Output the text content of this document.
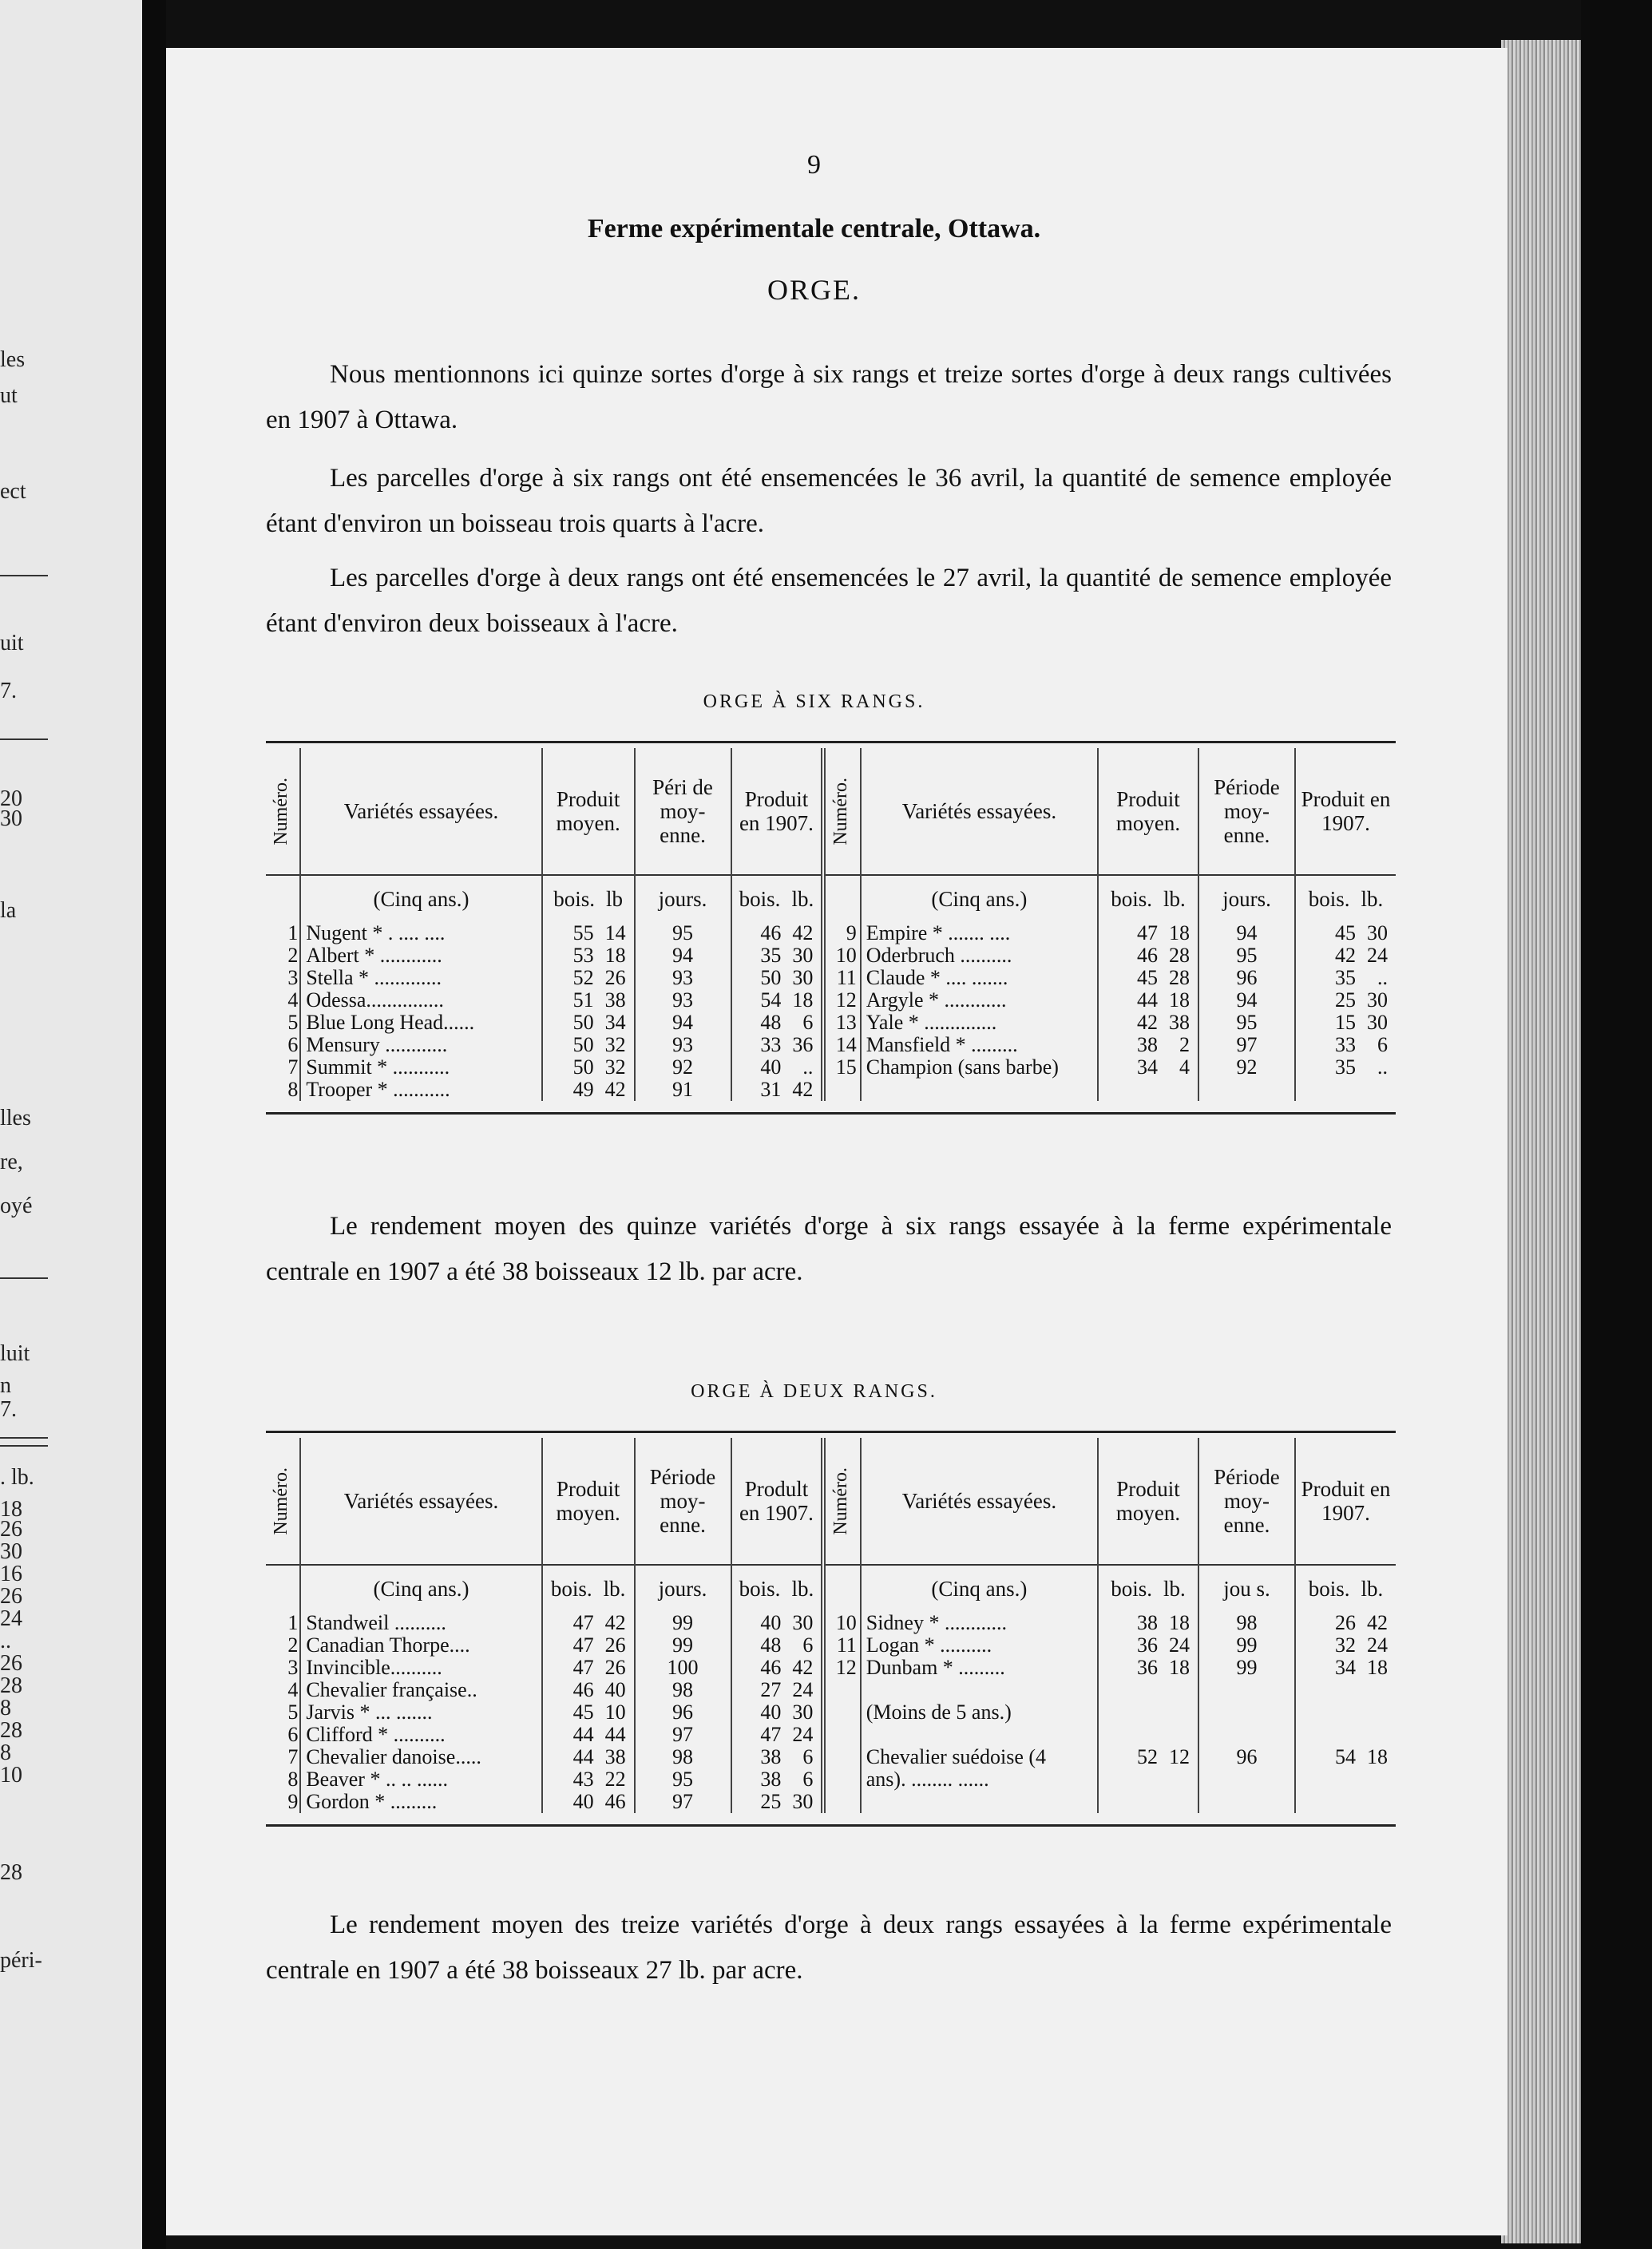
les
ut
ect
uit
7.
20
30
la
lles
re,
oyé
luit
n
7.
. lb.
18
26
30
16
26
24
..
26
28
8
28
8
10
28
péri-
9
Ferme expérimentale centrale, Ottawa.
ORGE.

Nous mentionnons ici quinze sortes d'orge à six rangs et treize sortes d'orge à deux rangs cultivées en 1907 à Ottawa.

Les parcelles d'orge à six rangs ont été ensemencées le 36 avril, la quantité de semence employée étant d'environ un boisseau trois quarts à l'acre.

Les parcelles d'orge à deux rangs ont été ensemencées le 27 avril, la quantité de semence employée étant d'environ deux boisseaux à l'acre.

ORGE À SIX RANGS.

Numéro.	Variétés essayées.	Produit moyen.	Péri de moy- enne.	Produit en 1907.	Numéro.	Variétés essayées.	Produit moyen.	Période moy- enne.	Produit en 1907.
	(Cinq ans.)	bois. lb	jours.	bois. lb.		(Cinq ans.)	bois. lb.	jours.	bois. lb.
1	Nugent * . .... ....	55 14	95	46 42	9	Empire * ....... ....	47 18	94	45 30
2	Albert * ............	53 18	94	35 30	10	Oderbruch ..........	46 28	95	42 24
3	Stella * .............	52 26	93	50 30	11	Claude * .... .......	45 28	96	35 ..
4	Odessa...............	51 38	93	54 18	12	Argyle * ............	44 18	94	25 30
5	Blue Long Head......	50 34	94	48 6	13	Yale * ..............	42 38	95	15 30
6	Mensury ............	50 32	93	33 36	14	Mansfield * .........	38 2	97	33 6
7	Summit * ...........	50 32	92	40 ..	15	Champion (sans barbe)	34 4	92	35 ..
8	Trooper * ...........	49 42	91	31 42					

Le rendement moyen des quinze variétés d'orge à six rangs essayée à la ferme expérimentale centrale en 1907 a été 38 boisseaux 12 lb. par acre.

ORGE À DEUX RANGS.

Numéro.	Variétés essayées.	Produit moyen.	Période moy- enne.	Prodult en 1907.	Numéro.	Variétés essayées.	Produit moyen.	Période moy- enne.	Produit en 1907.
	(Cinq ans.)	bois. lb.	jours.	bois. lb.		(Cinq ans.)	bois. lb.	jou s.	bois. lb.
1	Standweil ..........	47 42	99	40 30	10	Sidney * ............	38 18	98	26 42
2	Canadian Thorpe....	47 26	99	48 6	11	Logan * ..........	36 24	99	32 24
3	Invincible..........	47 26	100	46 42	12	Dunbam * .........	36 18	99	34 18
4	Chevalier française..	46 40	98	27 24					
5	Jarvis * ... .......	45 10	96	40 30		(Moins de 5 ans.)			
6	Clifford * ..........	44 44	97	47 24					
7	Chevalier danoise.....	44 38	98	38 6		Chevalier suédoise (4	52 12	96	54 18
8	Beaver * .. .. ......	43 22	95	38 6		ans). ........ ......			
9	Gordon * .........	40 46	97	25 30					

Le rendement moyen des treize variétés d'orge à deux rangs essayées à la ferme expérimentale centrale en 1907 a été 38 boisseaux 27 lb. par acre.
